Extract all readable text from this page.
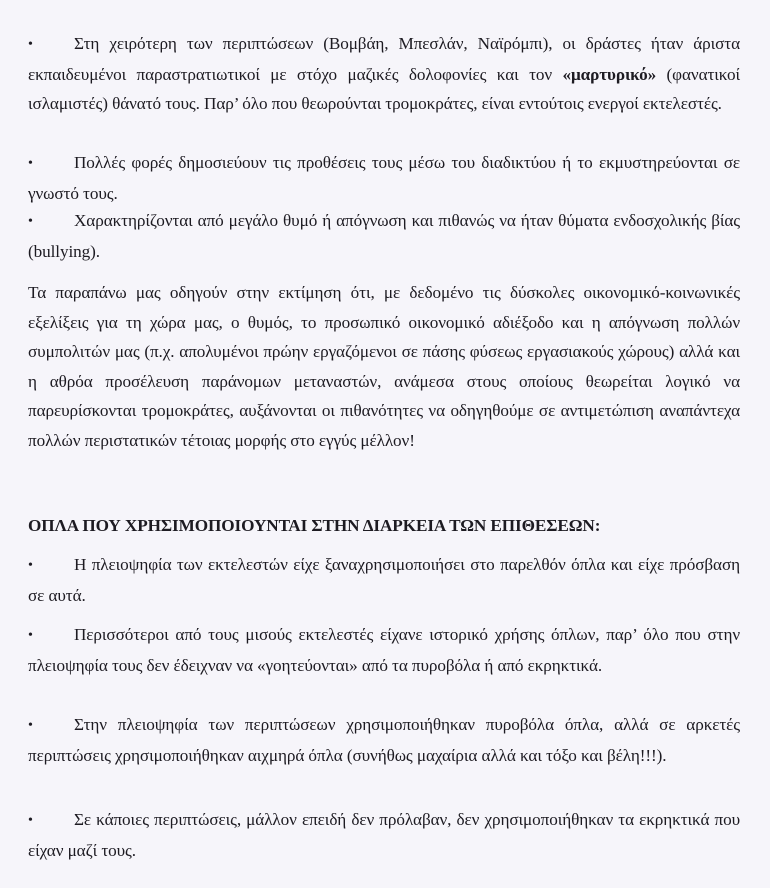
• Στη χειρότερη των περιπτώσεων (Βομβάη, Μπεσλάν, Ναϊρόμπι), οι δράστες ήταν άριστα εκπαιδευμένοι παραστρατιωτικοί με στόχο μαζικές δολοφονίες και τον «μαρτυρικό» (φανατικοί ισλαμιστές) θάνατό τους. Παρ’ όλο που θεωρούνται τρομοκράτες, είναι εντούτοις ενεργοί εκτελεστές.
• Πολλές φορές δημοσιεύουν τις προθέσεις τους μέσω του διαδικτύου ή το εκμυστηρεύονται σε γνωστό τους.
• Χαρακτηρίζονται από μεγάλο θυμό ή απόγνωση και πιθανώς να ήταν θύματα ενδοσχολικής βίας (bullying).
Τα παραπάνω μας οδηγούν στην εκτίμηση ότι, με δεδομένο τις δύσκολες οικονομικό-κοινωνικές εξελίξεις για τη χώρα μας, ο θυμός, το προσωπικό οικονομικό αδιέξοδο και η απόγνωση πολλών συμπολιτών μας (π.χ. απολυμένοι πρώην εργαζόμενοι σε πάσης φύσεως εργασιακούς χώρους) αλλά και η αθρόα προσέλευση παράνομων μεταναστών, ανάμεσα στους οποίους θεωρείται λογικό να παρευρίσκονται τρομοκράτες, αυξάνονται οι πιθανότητες να οδηγηθούμε σε αντιμετώπιση αναπάντεχα πολλών περιστατικών τέτοιας μορφής στο εγγύς μέλλον!
ΟΠΛΑ ΠΟΥ ΧΡΗΣΙΜΟΠΟΙΟΥΝΤΑΙ ΣΤΗΝ ΔΙΑΡΚΕΙΑ ΤΩΝ ΕΠΙΘΕΣΕΩΝ:
• Η πλειοψηφία των εκτελεστών είχε ξαναχρησιμοποιήσει στο παρελθόν όπλα και είχε πρόσβαση σε αυτά.
• Περισσότεροι από τους μισούς εκτελεστές είχανε ιστορικό χρήσης όπλων, παρ’ όλο που στην πλειοψηφία τους δεν έδειχναν να «γοητεύονται» από τα πυροβόλα ή από εκρηκτικά.
• Στην πλειοψηφία των περιπτώσεων χρησιμοποιήθηκαν πυροβόλα όπλα, αλλά σε αρκετές περιπτώσεις χρησιμοποιήθηκαν αιχμηρά όπλα (συνήθως μαχαίρια αλλά και τόξο και βέλη!!!).
• Σε κάποιες περιπτώσεις, μάλλον επειδή δεν πρόλαβαν, δεν χρησιμοποιήθηκαν τα εκρηκτικά που είχαν μαζί τους.
